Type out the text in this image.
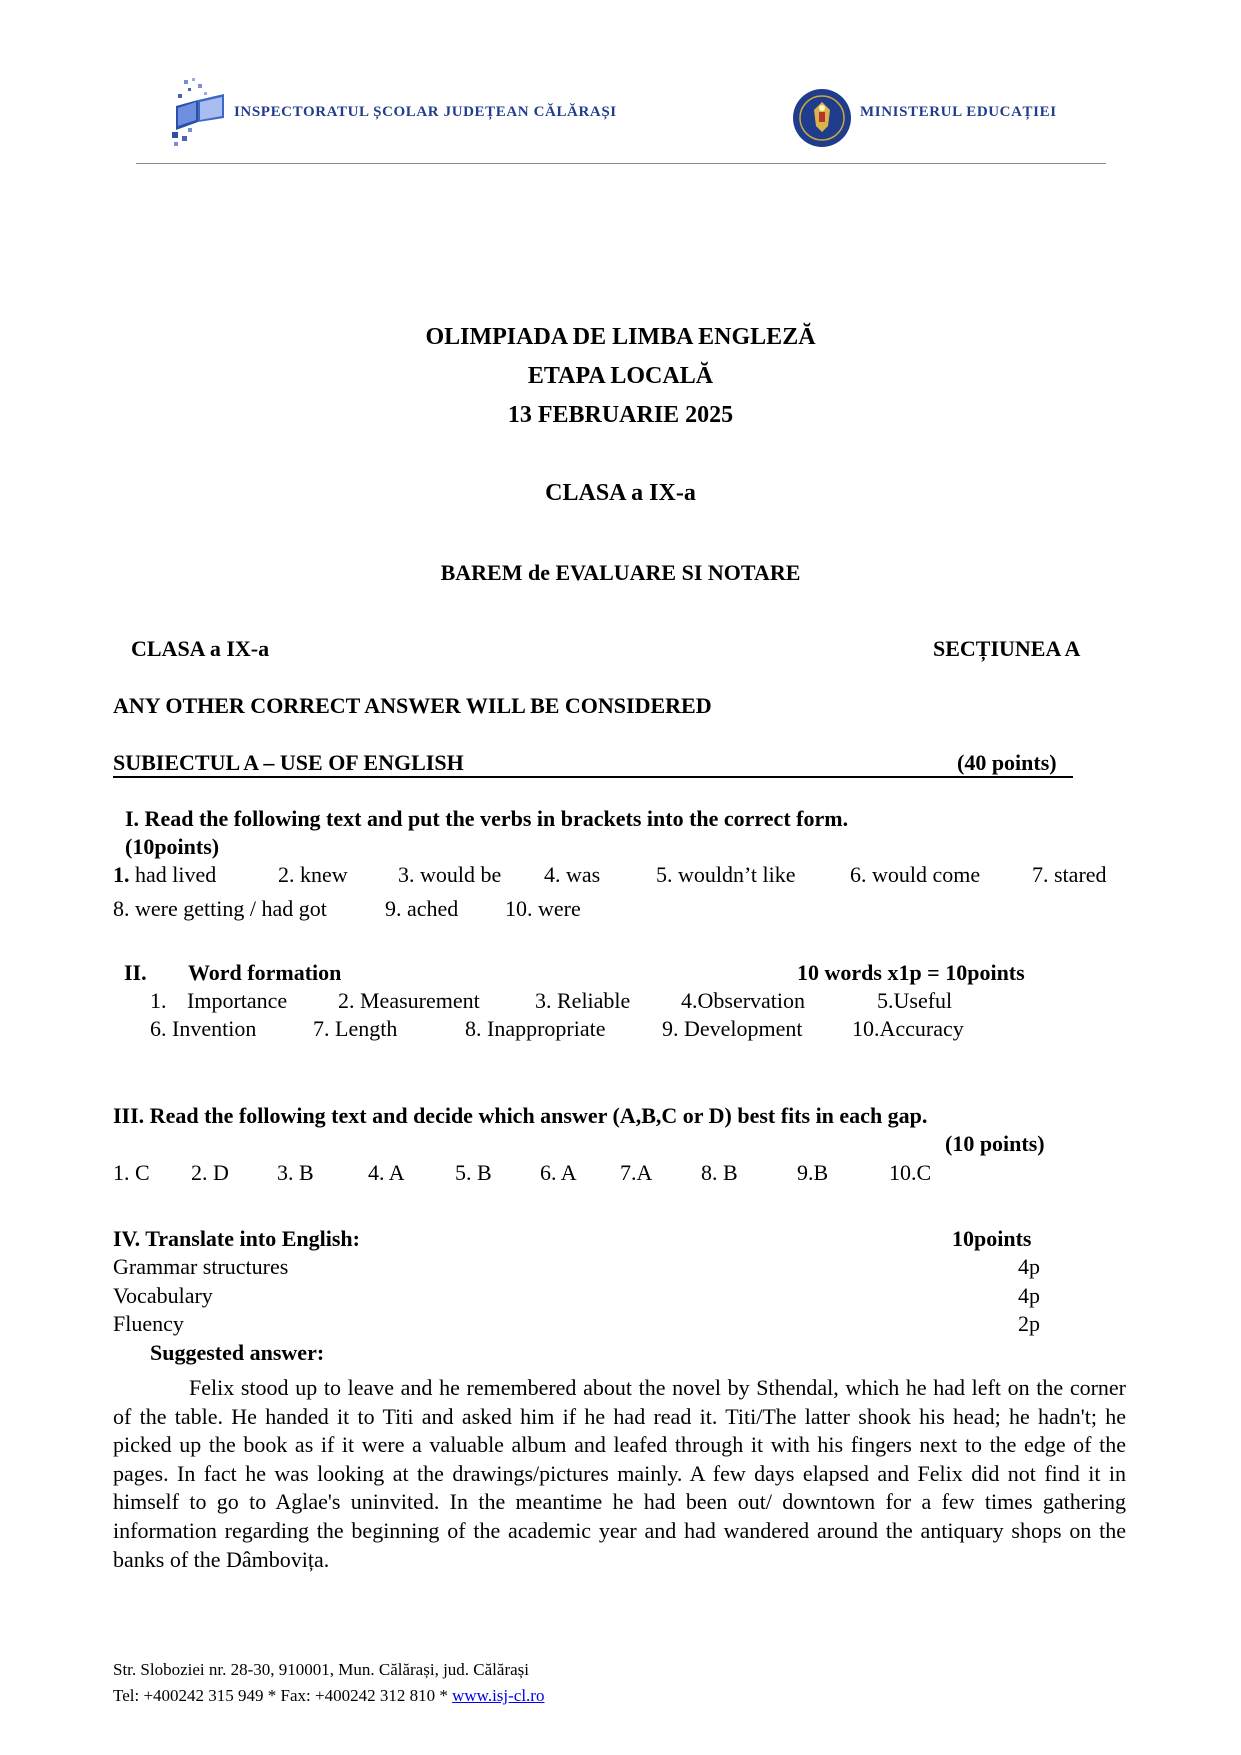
INSPECTORATUL ȘCOLAR JUDEȚEAN CĂLĂRAȘI	MINISTERUL EDUCAȚIEI
OLIMPIADA DE LIMBA ENGLEZĂ
ETAPA LOCALĂ
13 FEBRUARIE 2025
CLASA a IX-a
BAREM de EVALUARE SI NOTARE
CLASA a IX-a	SECȚIUNEA A
ANY OTHER CORRECT ANSWER WILL BE CONSIDERED
SUBIECTUL A – USE OF ENGLISH	(40 points)
I. Read the following text and put the verbs in brackets into the correct form.
(10points)
1. had lived	2. knew 3. would be 4. was	5. wouldn’t like 6. would come 7. stared
8. were getting / had got	9. ached 10. were
II. Word formation	10 words x1p = 10points
1. Importance 2. Measurement	3. Reliable 4.Observation	5.Useful
6. Invention	7. Length	8. Inappropriate	9. Development 10.Accuracy
III. Read the following text and decide which answer (A,B,C or D) best fits in each gap.
(10 points)
1. C 2. D 3. B 4. A 5. B 6. A 7.A 8. B	9.B	10.C
IV. Translate into English:	10points
Grammar structures	4p
Vocabulary	4p
Fluency	2p
Suggested answer:
Felix stood up to leave and he remembered about the novel by Sthendal, which he had left on the corner of the table. He handed it to Titi and asked him if he had read it. Titi/The latter shook his head; he hadn't; he picked up the book as if it were a valuable album and leafed through it with his fingers next to the edge of the pages. In fact he was looking at the drawings/pictures mainly. A few days elapsed and Felix did not find it in himself to go to Aglae's uninvited. In the meantime he had been out/ downtown for a few times gathering information regarding the beginning of the academic year and had wandered around the antiquary shops on the banks of the Dâmbovița.
Str. Sloboziei nr. 28-30, 910001, Mun. Călărași, jud. Călărași
Tel: +400242 315 949 * Fax: +400242 312 810 * www.isj-cl.ro
